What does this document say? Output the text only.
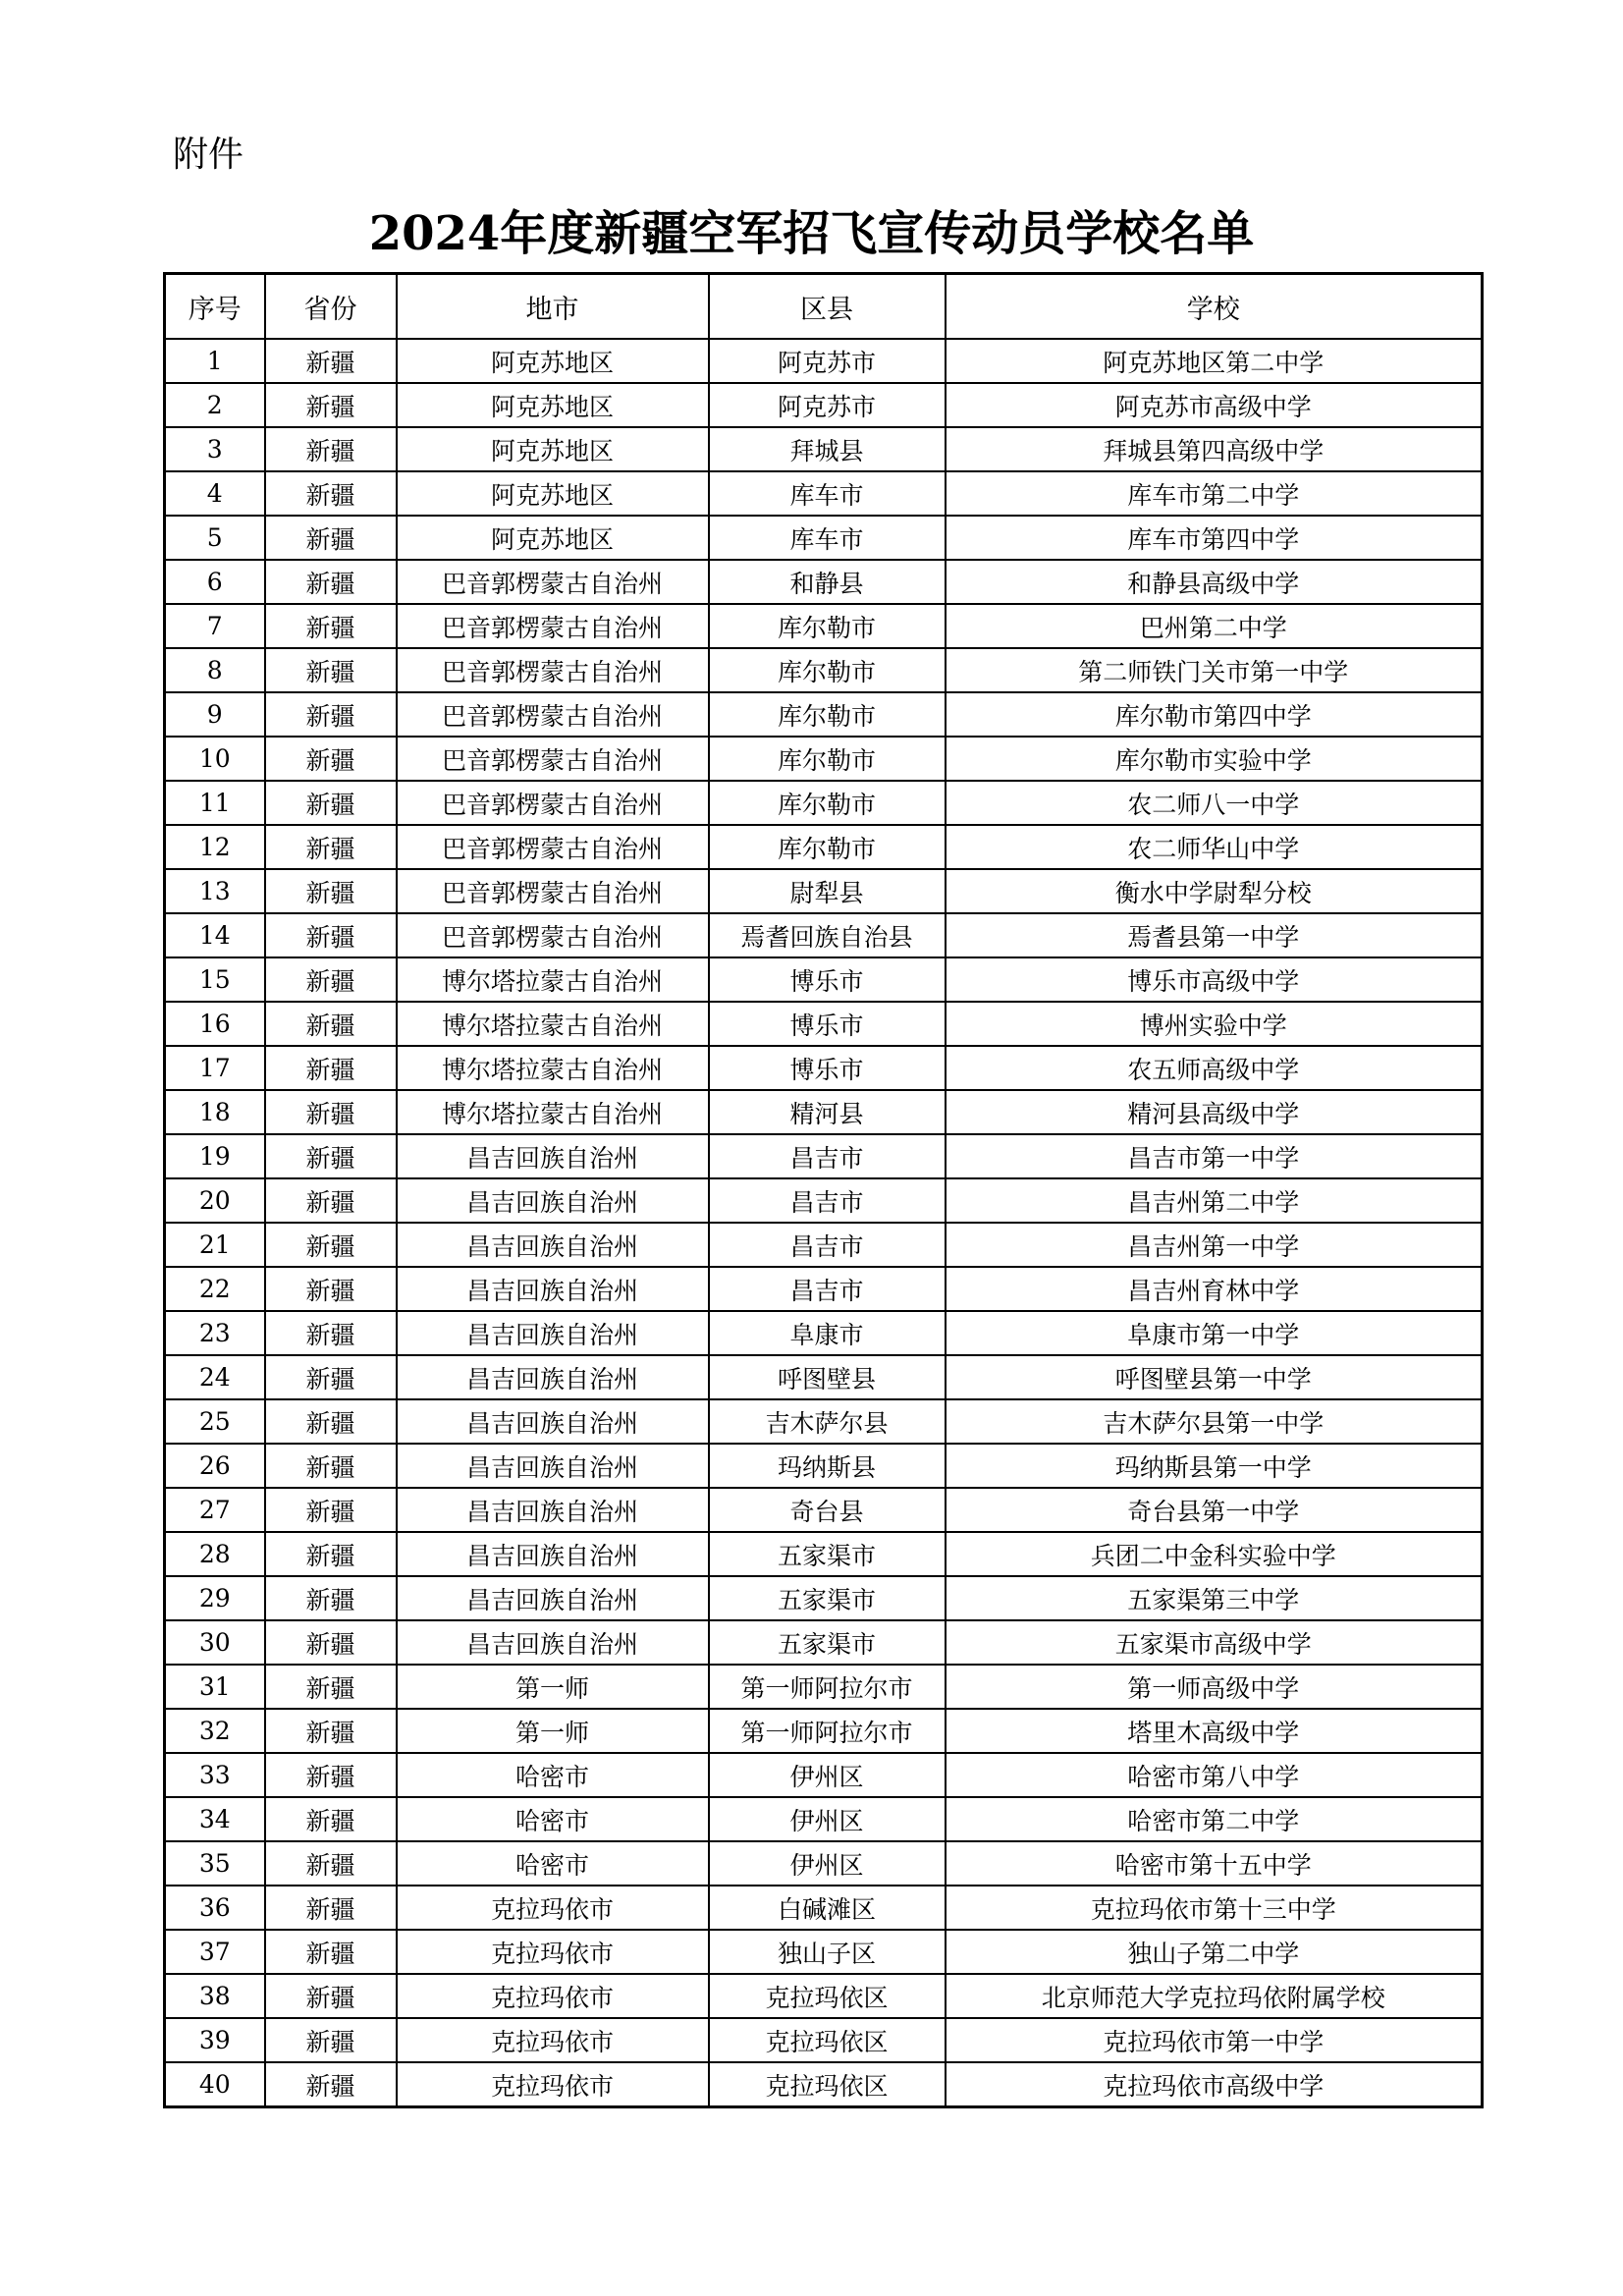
附件
2024年度新疆空军招飞宣传动员学校名单
序号	省份	地市	区县	学校
1	新疆	阿克苏地区	阿克苏市	阿克苏地区第二中学
2	新疆	阿克苏地区	阿克苏市	阿克苏市高级中学
3	新疆	阿克苏地区	拜城县	拜城县第四高级中学
4	新疆	阿克苏地区	库车市	库车市第二中学
5	新疆	阿克苏地区	库车市	库车市第四中学
6	新疆	巴音郭楞蒙古自治州	和静县	和静县高级中学
7	新疆	巴音郭楞蒙古自治州	库尔勒市	巴州第二中学
8	新疆	巴音郭楞蒙古自治州	库尔勒市	第二师铁门关市第一中学
9	新疆	巴音郭楞蒙古自治州	库尔勒市	库尔勒市第四中学
10	新疆	巴音郭楞蒙古自治州	库尔勒市	库尔勒市实验中学
11	新疆	巴音郭楞蒙古自治州	库尔勒市	农二师八一中学
12	新疆	巴音郭楞蒙古自治州	库尔勒市	农二师华山中学
13	新疆	巴音郭楞蒙古自治州	尉犁县	衡水中学尉犁分校
14	新疆	巴音郭楞蒙古自治州	焉耆回族自治县	焉耆县第一中学
15	新疆	博尔塔拉蒙古自治州	博乐市	博乐市高级中学
16	新疆	博尔塔拉蒙古自治州	博乐市	博州实验中学
17	新疆	博尔塔拉蒙古自治州	博乐市	农五师高级中学
18	新疆	博尔塔拉蒙古自治州	精河县	精河县高级中学
19	新疆	昌吉回族自治州	昌吉市	昌吉市第一中学
20	新疆	昌吉回族自治州	昌吉市	昌吉州第二中学
21	新疆	昌吉回族自治州	昌吉市	昌吉州第一中学
22	新疆	昌吉回族自治州	昌吉市	昌吉州育林中学
23	新疆	昌吉回族自治州	阜康市	阜康市第一中学
24	新疆	昌吉回族自治州	呼图壁县	呼图壁县第一中学
25	新疆	昌吉回族自治州	吉木萨尔县	吉木萨尔县第一中学
26	新疆	昌吉回族自治州	玛纳斯县	玛纳斯县第一中学
27	新疆	昌吉回族自治州	奇台县	奇台县第一中学
28	新疆	昌吉回族自治州	五家渠市	兵团二中金科实验中学
29	新疆	昌吉回族自治州	五家渠市	五家渠第三中学
30	新疆	昌吉回族自治州	五家渠市	五家渠市高级中学
31	新疆	第一师	第一师阿拉尔市	第一师高级中学
32	新疆	第一师	第一师阿拉尔市	塔里木高级中学
33	新疆	哈密市	伊州区	哈密市第八中学
34	新疆	哈密市	伊州区	哈密市第二中学
35	新疆	哈密市	伊州区	哈密市第十五中学
36	新疆	克拉玛依市	白碱滩区	克拉玛依市第十三中学
37	新疆	克拉玛依市	独山子区	独山子第二中学
38	新疆	克拉玛依市	克拉玛依区	北京师范大学克拉玛依附属学校
39	新疆	克拉玛依市	克拉玛依区	克拉玛依市第一中学
40	新疆	克拉玛依市	克拉玛依区	克拉玛依市高级中学
